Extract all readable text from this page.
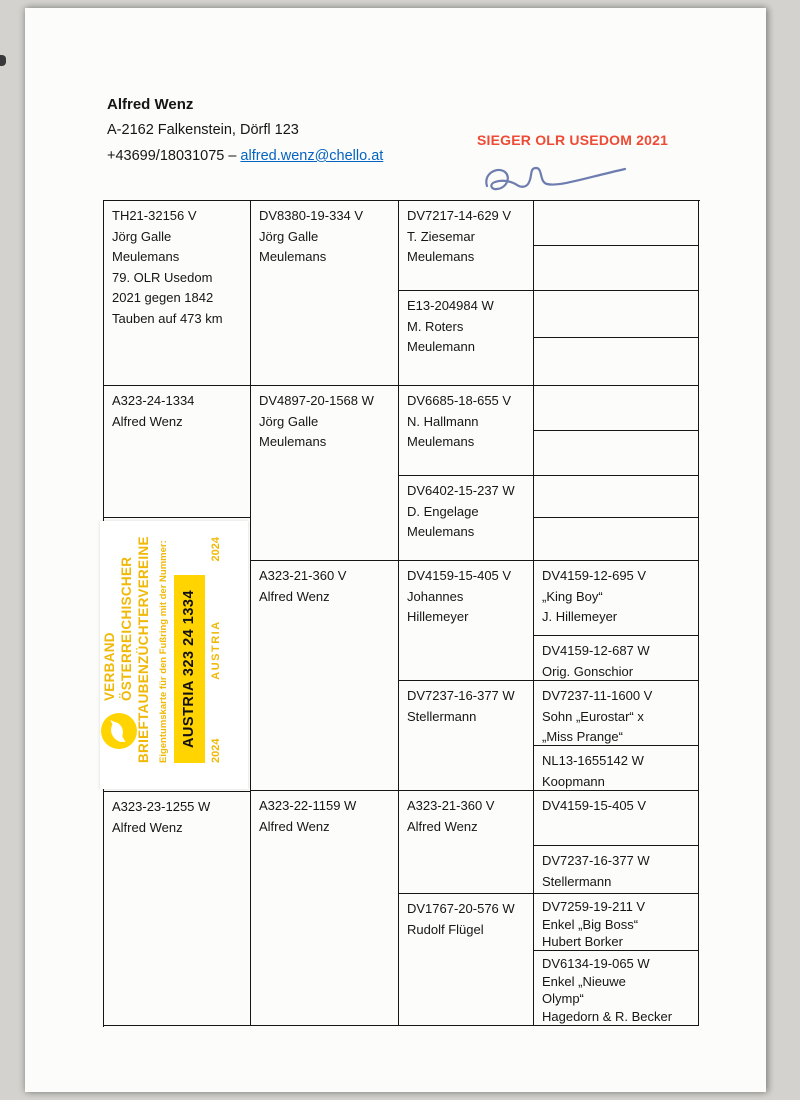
Alfred Wenz
A-2162 Falkenstein, Dörfl 123
+43699/18031075 – alfred.wenz@chello.at
SIEGER OLR USEDOM 2021
TH21-32156 V
Jörg Galle
Meulemans
79. OLR Usedom
2021 gegen 1842
Tauben auf 473 km
A323-24-1334
Alfred Wenz
A323-23-1255 W
Alfred Wenz
DV8380-19-334 V
Jörg Galle
Meulemans
DV4897-20-1568 W
Jörg Galle
Meulemans
A323-21-360 V
Alfred Wenz
A323-22-1159 W
Alfred Wenz
DV7217-14-629 V
T. Ziesemar
Meulemans
E13-204984 W
M. Roters
Meulemann
DV6685-18-655 V
N. Hallmann
Meulemans
DV6402-15-237 W
D. Engelage
Meulemans
DV4159-15-405 V
Johannes
Hillemeyer
DV7237-16-377 W
Stellermann
A323-21-360 V
Alfred Wenz
DV1767-20-576 W
Rudolf Flügel
DV4159-12-695 V
„King Boy“
J. Hillemeyer
DV4159-12-687 W
Orig. Gonschior
DV7237-11-1600 V
Sohn „Eurostar“ x
„Miss Prange“
NL13-1655142 W
Koopmann
DV4159-15-405 V
DV7237-16-377 W
Stellermann
DV7259-19-211 V
Enkel „Big Boss“
Hubert Borker
DV6134-19-065 W
Enkel „Nieuwe
Olymp“
Hagedorn & R. Becker
VERBAND ÖSTERREICHISCHER BRIEFTAUBENZÜCHTERVEREINE Eigentumskarte für den Fußring mit der Nummer: AUSTRIA 323 24 1334
2024
AUSTRIA
2024
